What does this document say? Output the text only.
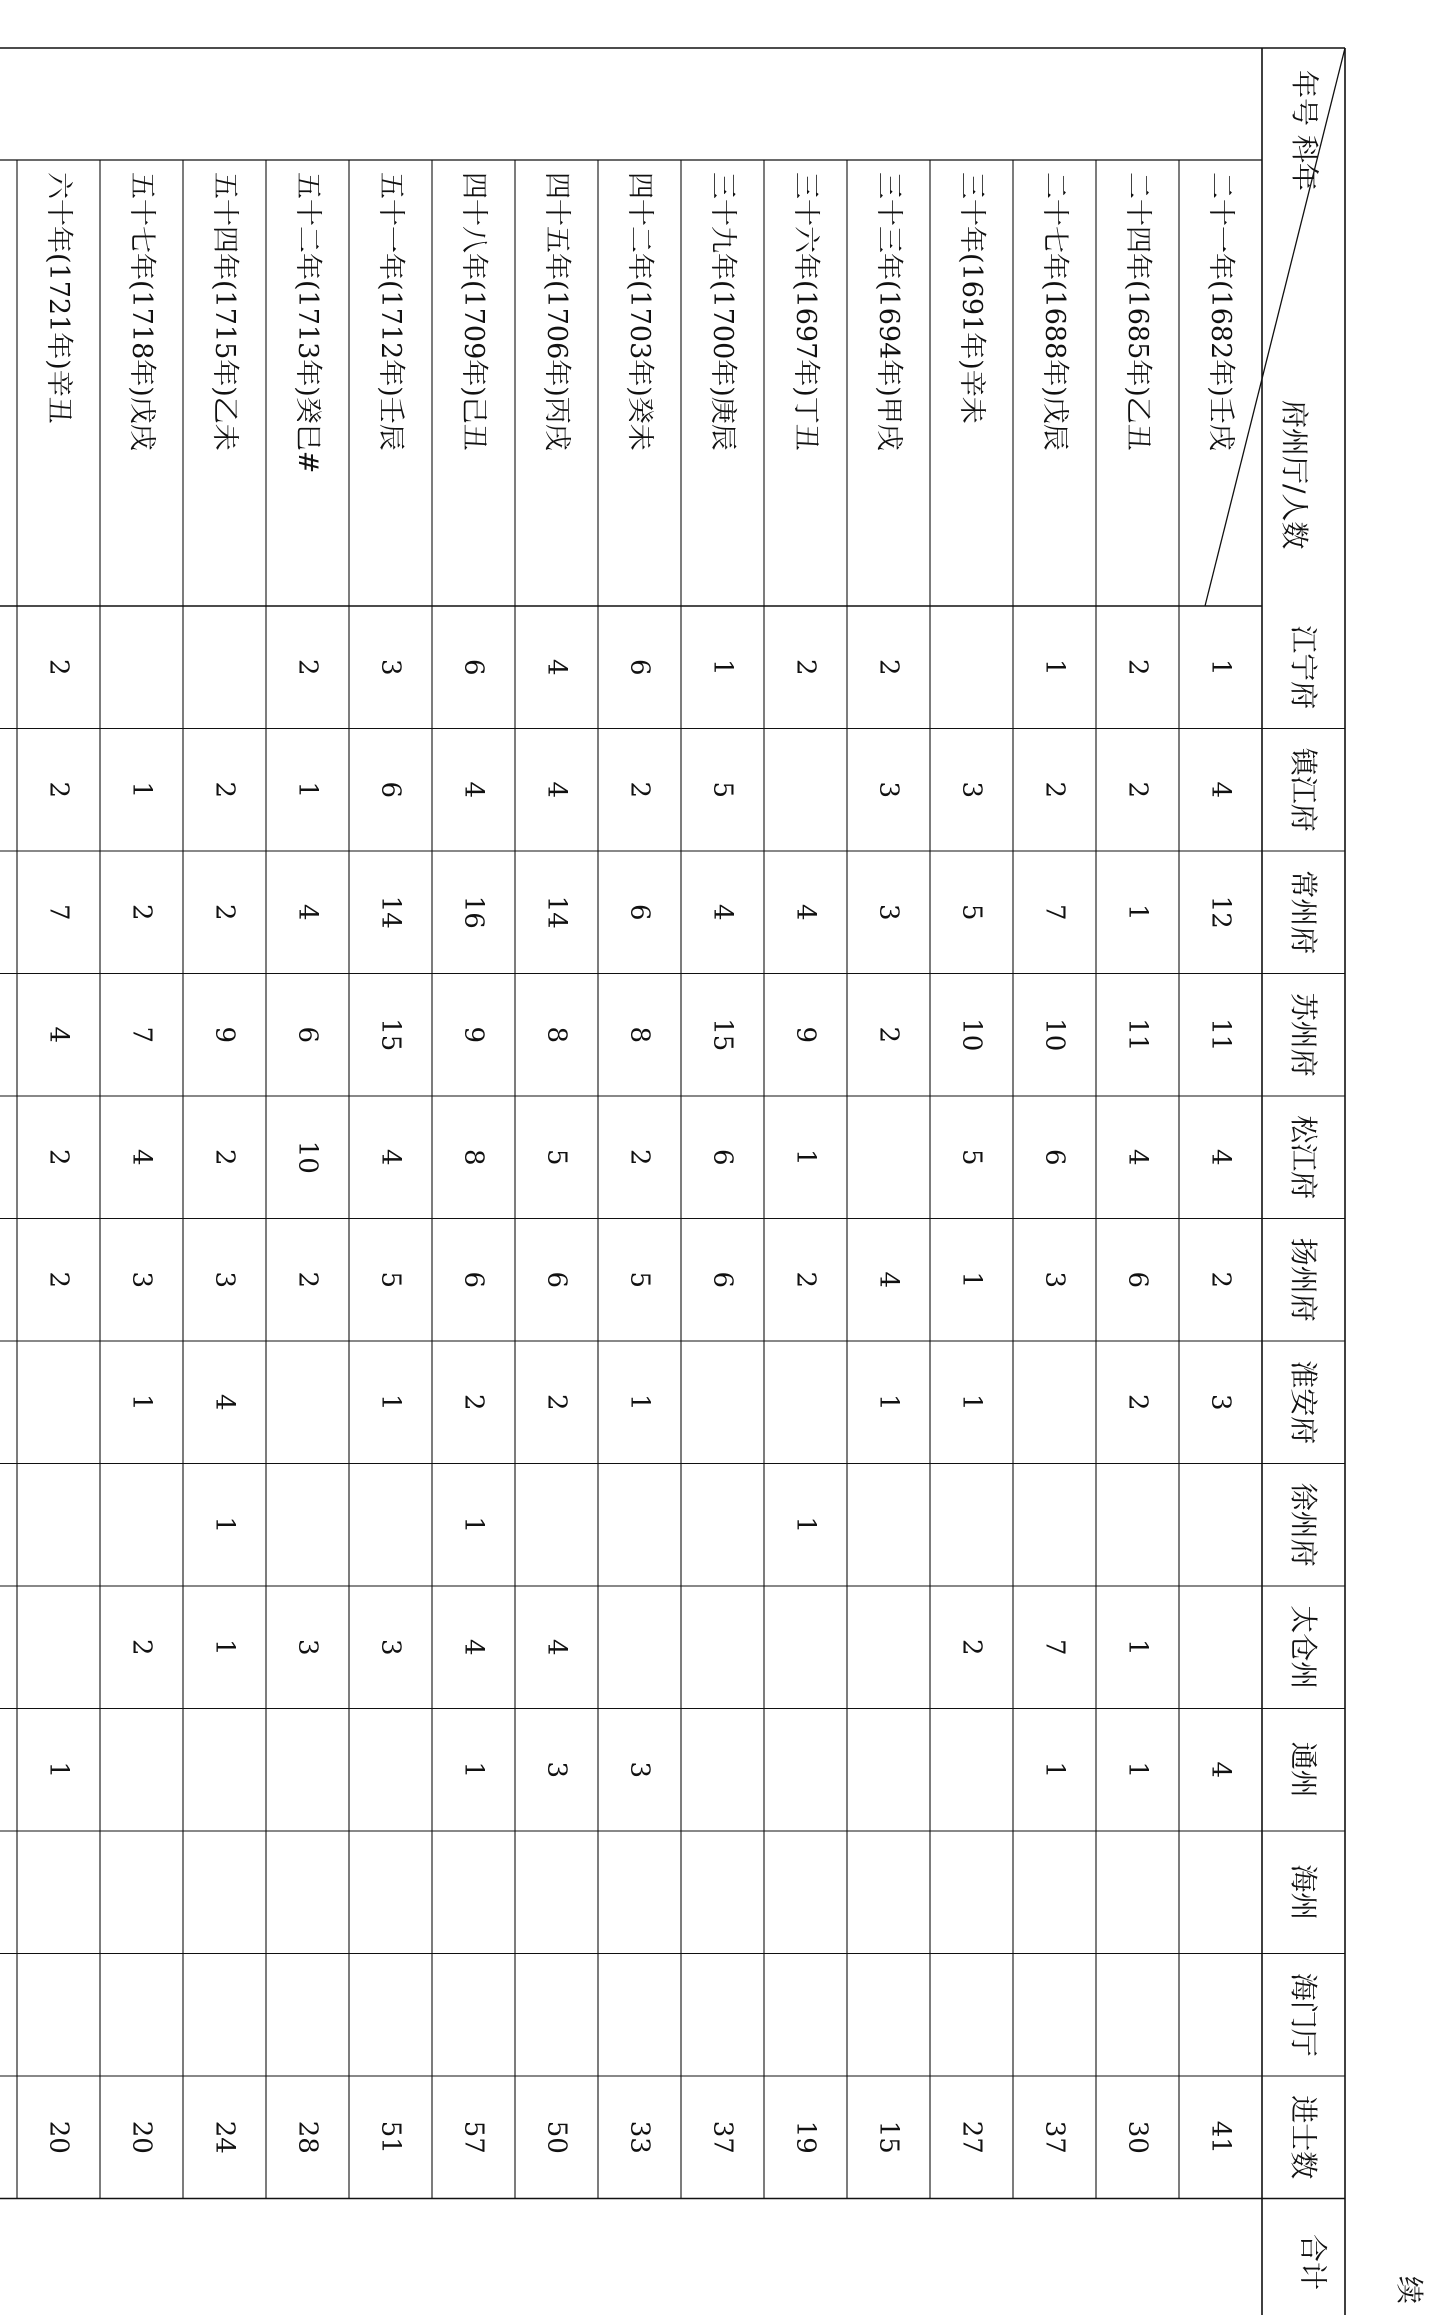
江宁府
镇江府
常州府
苏州府
松江府
扬州府
淮安府
徐州府
太仓州
通州
海州
海门厅
进士数
年号 科年
府州厅/人数
二十一年(1682年)壬戌
1
4
12
11
4
2
3
4
41
二十四年(1685年)乙丑
2
2
1
11
4
6
2
1
1
30
二十七年(1688年)戊辰
1
2
7
10
6
3
7
1
37
三十年(1691年)辛未
3
5
10
5
1
1
2
27
三十三年(1694年)甲戌
2
3
3
2
4
1
15
三十六年(1697年)丁丑
2
4
9
1
2
1
19
三十九年(1700年)庚辰
1
5
4
15
6
6
37
四十二年(1703年)癸未
6
2
6
8
2
5
1
3
33
四十五年(1706年)丙戌
4
4
14
8
5
6
2
4
3
50
四十八年(1709年)己丑
6
4
16
9
8
6
2
1
4
1
57
五十一年(1712年)壬辰
3
6
14
15
4
5
1
3
51
五十二年(1713年)癸巳#
2
1
4
6
10
2
3
28
五十四年(1715年)乙未
2
2
9
2
3
4
1
1
24
五十七年(1718年)戊戌
1
2
7
4
3
1
2
20
六十年(1721年)辛丑
2
2
7
4
2
2
1
20
合计 续
